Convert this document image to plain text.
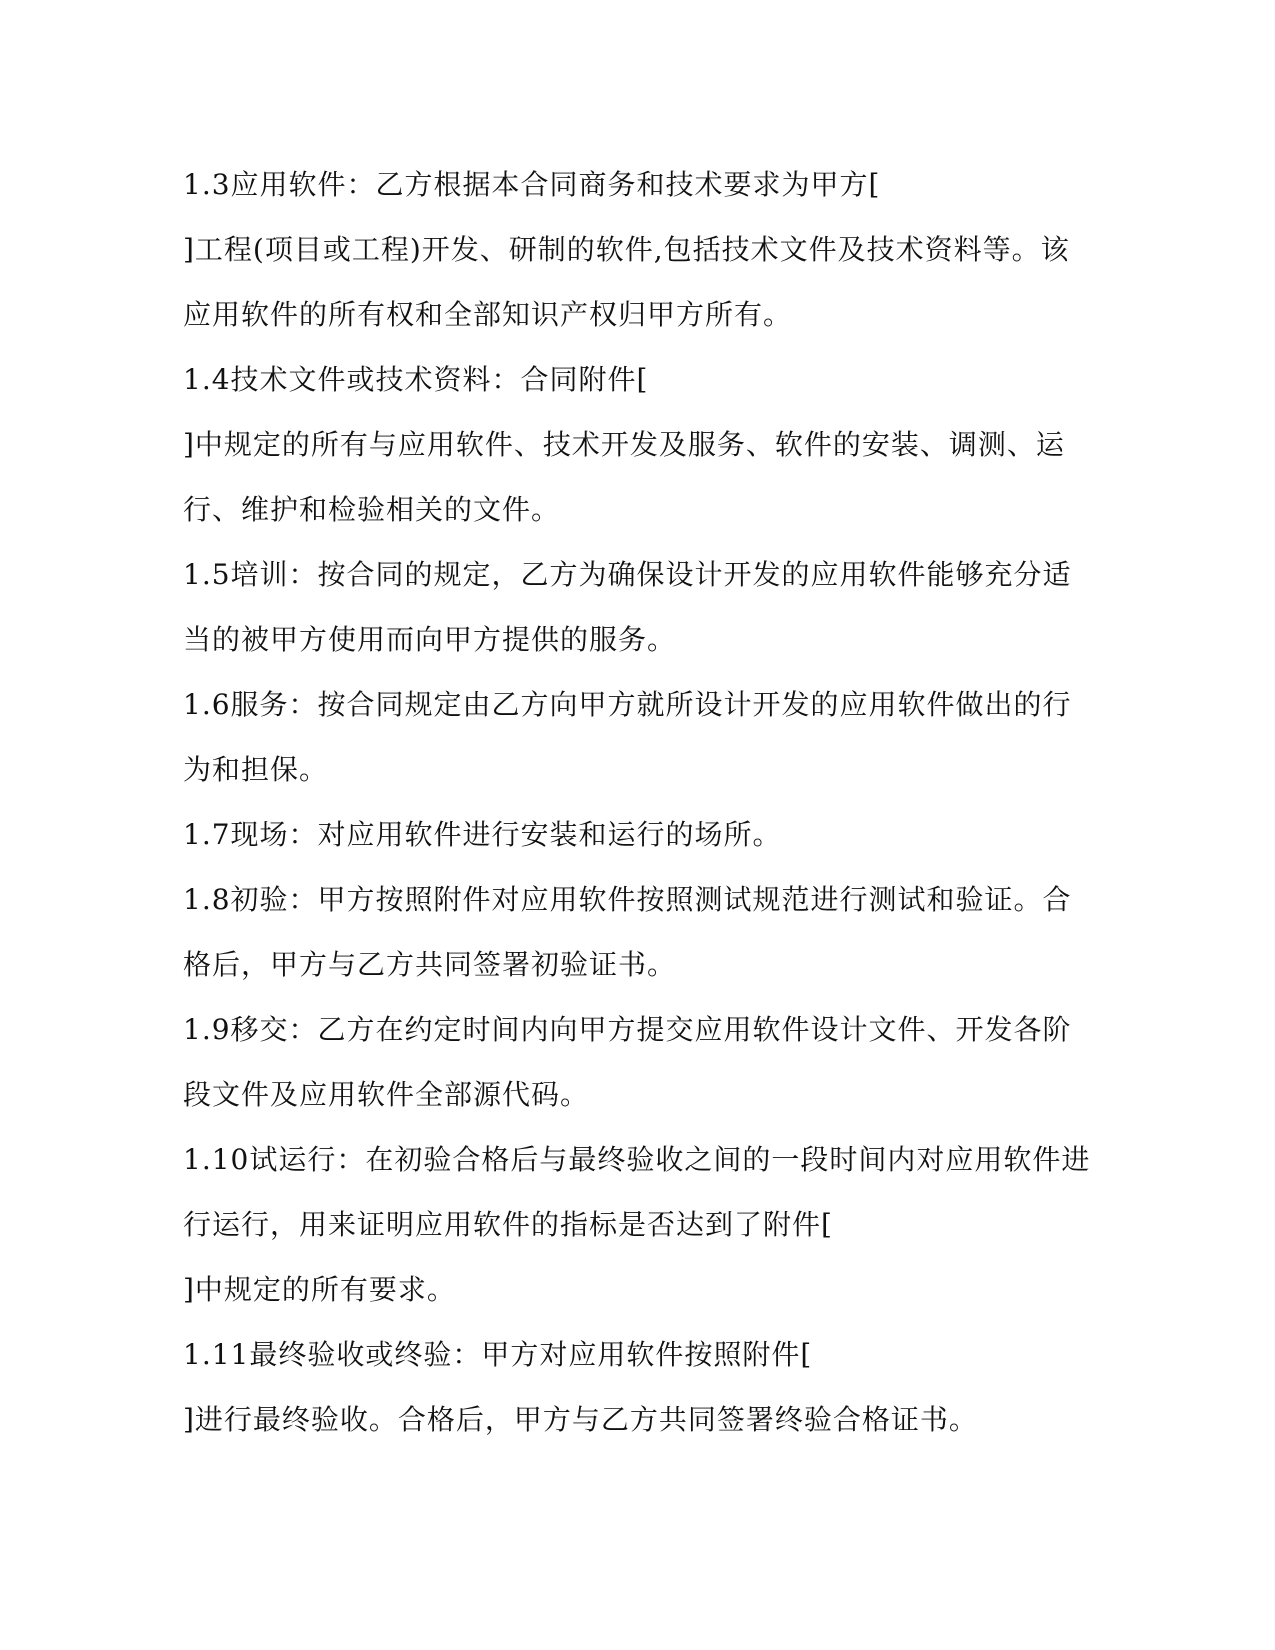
1.3应用软件：乙方根据本合同商务和技术要求为甲方[
]工程(项目或工程)开发、研制的软件,包括技术文件及技术资料等。该
应用软件的所有权和全部知识产权归甲方所有。
1.4技术文件或技术资料：合同附件[
]中规定的所有与应用软件、技术开发及服务、软件的安装、调测、运
行、维护和检验相关的文件。
1.5培训：按合同的规定，乙方为确保设计开发的应用软件能够充分适
当的被甲方使用而向甲方提供的服务。
1.6服务：按合同规定由乙方向甲方就所设计开发的应用软件做出的行
为和担保。
1.7现场：对应用软件进行安装和运行的场所。
1.8初验：甲方按照附件对应用软件按照测试规范进行测试和验证。合
格后，甲方与乙方共同签署初验证书。
1.9移交：乙方在约定时间内向甲方提交应用软件设计文件、开发各阶
段文件及应用软件全部源代码。
1.10试运行：在初验合格后与最终验收之间的一段时间内对应用软件进
行运行，用来证明应用软件的指标是否达到了附件[
]中规定的所有要求。
1.11最终验收或终验：甲方对应用软件按照附件[
]进行最终验收。合格后，甲方与乙方共同签署终验合格证书。
